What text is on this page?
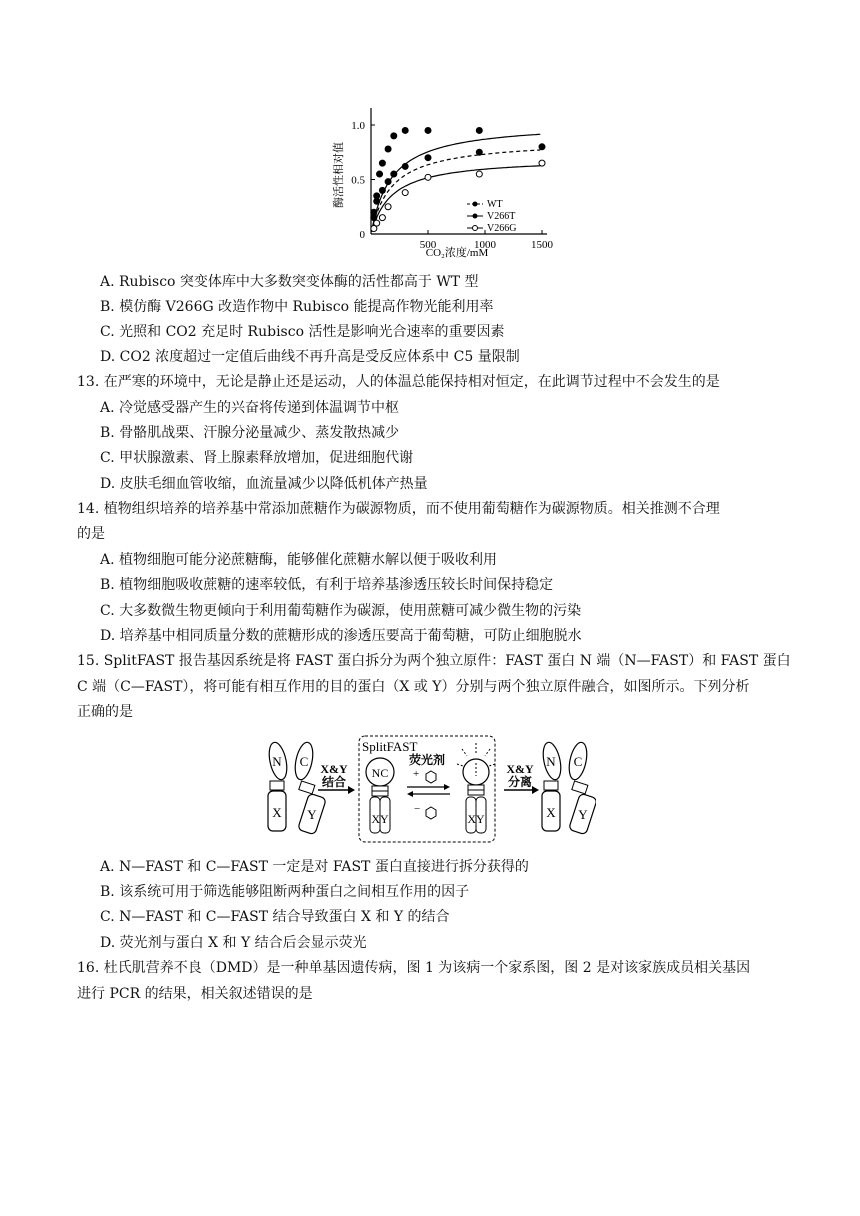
酶活性相对值
0
0.5
1.0
500	1000	1500
CO₂浓度/mM
WT
V266T
V266G
A. Rubisco 突变体库中大多数突变体酶的活性都高于 WT 型
B. 模仿酶 V266G 改造作物中 Rubisco 能提高作物光能利用率
C. 光照和 CO2 充足时 Rubisco 活性是影响光合速率的重要因素
D. CO2 浓度超过一定值后曲线不再升高是受反应体系中 C5 量限制
13. 在严寒的环境中，无论是静止还是运动，人的体温总能保持相对恒定，在此调节过程中不会发生的是
A. 冷觉感受器产生的兴奋将传递到体温调节中枢
B. 骨骼肌战栗、汗腺分泌量减少、蒸发散热减少
C. 甲状腺激素、肾上腺素释放增加，促进细胞代谢
D. 皮肤毛细血管收缩，血流量减少以降低机体产热量
14. 植物组织培养的培养基中常添加蔗糖作为碳源物质，而不使用葡萄糖作为碳源物质。相关推测不合理
的是
A. 植物细胞可能分泌蔗糖酶，能够催化蔗糖水解以便于吸收利用
B. 植物细胞吸收蔗糖的速率较低，有利于培养基渗透压较长时间保持稳定
C. 大多数微生物更倾向于利用葡萄糖作为碳源，使用蔗糖可减少微生物的污染
D. 培养基中相同质量分数的蔗糖形成的渗透压要高于葡萄糖，可防止细胞脱水
15. SplitFAST 报告基因系统是将 FAST 蛋白拆分为两个独立原件：FAST 蛋白 N 端（N—FAST）和 FAST 蛋白
C 端（C—FAST），将可能有相互作用的目的蛋白（X 或 Y）分别与两个独立原件融合，如图所示。下列分析
正确的是
N
X
C
Y
X&Y
结合
SplitFAST
NC
XY
荧光剂
+
−
XY
X&Y
分离
N
X
C
Y
A. N—FAST 和 C—FAST 一定是对 FAST 蛋白直接进行拆分获得的
B. 该系统可用于筛选能够阻断两种蛋白之间相互作用的因子
C. N—FAST 和 C—FAST 结合导致蛋白 X 和 Y 的结合
D. 荧光剂与蛋白 X 和 Y 结合后会显示荧光
16. 杜氏肌营养不良（DMD）是一种单基因遗传病，图 1 为该病一个家系图，图 2 是对该家族成员相关基因
进行 PCR 的结果，相关叙述错误的是
